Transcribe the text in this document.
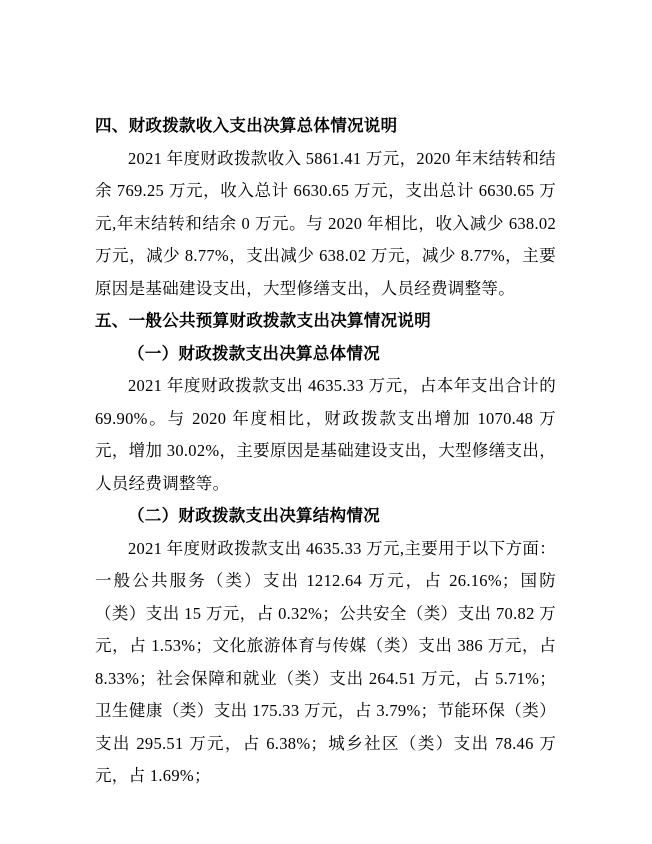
四、财政拨款收入支出决算总体情况说明

2021 年度财政拨款收入 5861.41 万元，2020 年末结转和结余 769.25 万元，收入总计 6630.65 万元，支出总计 6630.65 万元,年末结转和结余 0 万元。与 2020 年相比，收入减少 638.02 万元，减少 8.77%，支出减少 638.02 万元，减少 8.77%，主要原因是基础建设支出，大型修缮支出，人员经费调整等。

五、一般公共预算财政拨款支出决算情况说明
（一）财政拨款支出决算总体情况

2021 年度财政拨款支出 4635.33 万元，占本年支出合计的 69.90%。与 2020 年度相比，财政拨款支出增加 1070.48 万元，增加 30.02%，主要原因是基础建设支出，大型修缮支出，人员经费调整等。

（二）财政拨款支出决算结构情况

2021 年度财政拨款支出 4635.33 万元,主要用于以下方面：一般公共服务（类）支出 1212.64 万元，占 26.16%；国防（类）支出 15 万元，占 0.32%；公共安全（类）支出 70.82 万元，占 1.53%；文化旅游体育与传媒（类）支出 386 万元，占 8.33%；社会保障和就业（类）支出 264.51 万元，占 5.71%；卫生健康（类）支出 175.33 万元，占 3.79%；节能环保（类）支出 295.51 万元，占 6.38%；城乡社区（类）支出 78.46 万元，占 1.69%；
